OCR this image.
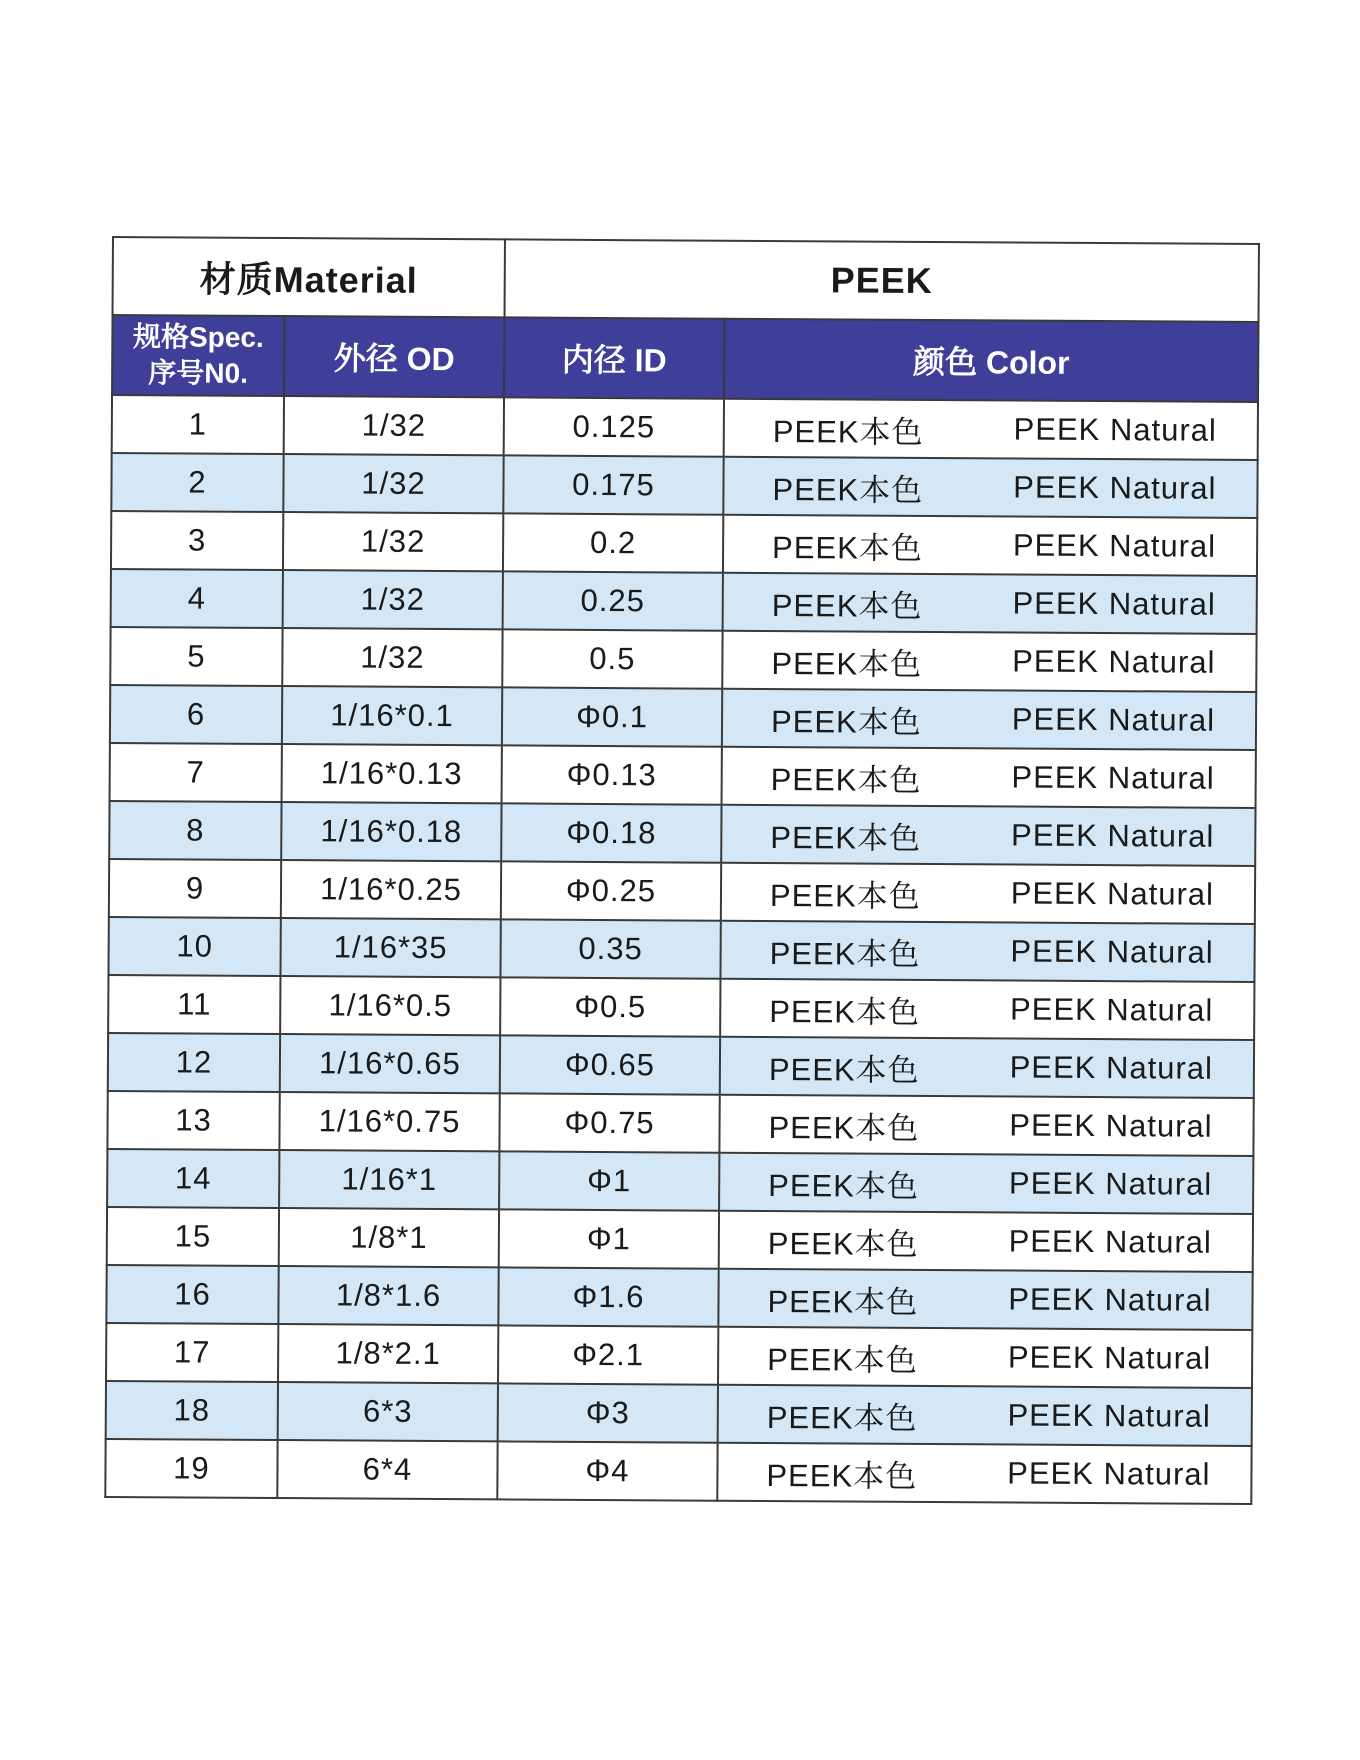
材质Material		PEEK	

规格Spec.
序号N0.	外径 OD	内径 ID	颜色 Color
1	1/32	0.125	PEEK本色 PEEK Natural

2	1/32	0.175	PEEK本色 PEEK Natural

3	1/32	0.2	PEEK本色 PEEK Natural

4	1/32	0.25	PEEK本色 PEEK Natural

5	1/32	0.5	PEEK本色 PEEK Natural

6	1/16*0.1	Φ0.1	PEEK本色 PEEK Natural

7	1/16*0.13	Φ0.13	PEEK本色 PEEK Natural

8	1/16*0.18	Φ0.18	PEEK本色 PEEK Natural

9	1/16*0.25	Φ0.25	PEEK本色 PEEK Natural

10	1/16*35	0.35	PEEK本色 PEEK Natural

11	1/16*0.5	Φ0.5	PEEK本色 PEEK Natural

12	1/16*0.65	Φ0.65	PEEK本色 PEEK Natural

13	1/16*0.75	Φ0.75	PEEK本色 PEEK Natural

14	1/16*1	Φ1	PEEK本色 PEEK Natural

15	1/8*1	Φ1	PEEK本色 PEEK Natural

16	1/8*1.6	Φ1.6	PEEK本色 PEEK Natural

17	1/8*2.1	Φ2.1	PEEK本色 PEEK Natural

18	6*3	Φ3	PEEK本色 PEEK Natural

19	6*4	Φ4	PEEK本色 PEEK Natural
